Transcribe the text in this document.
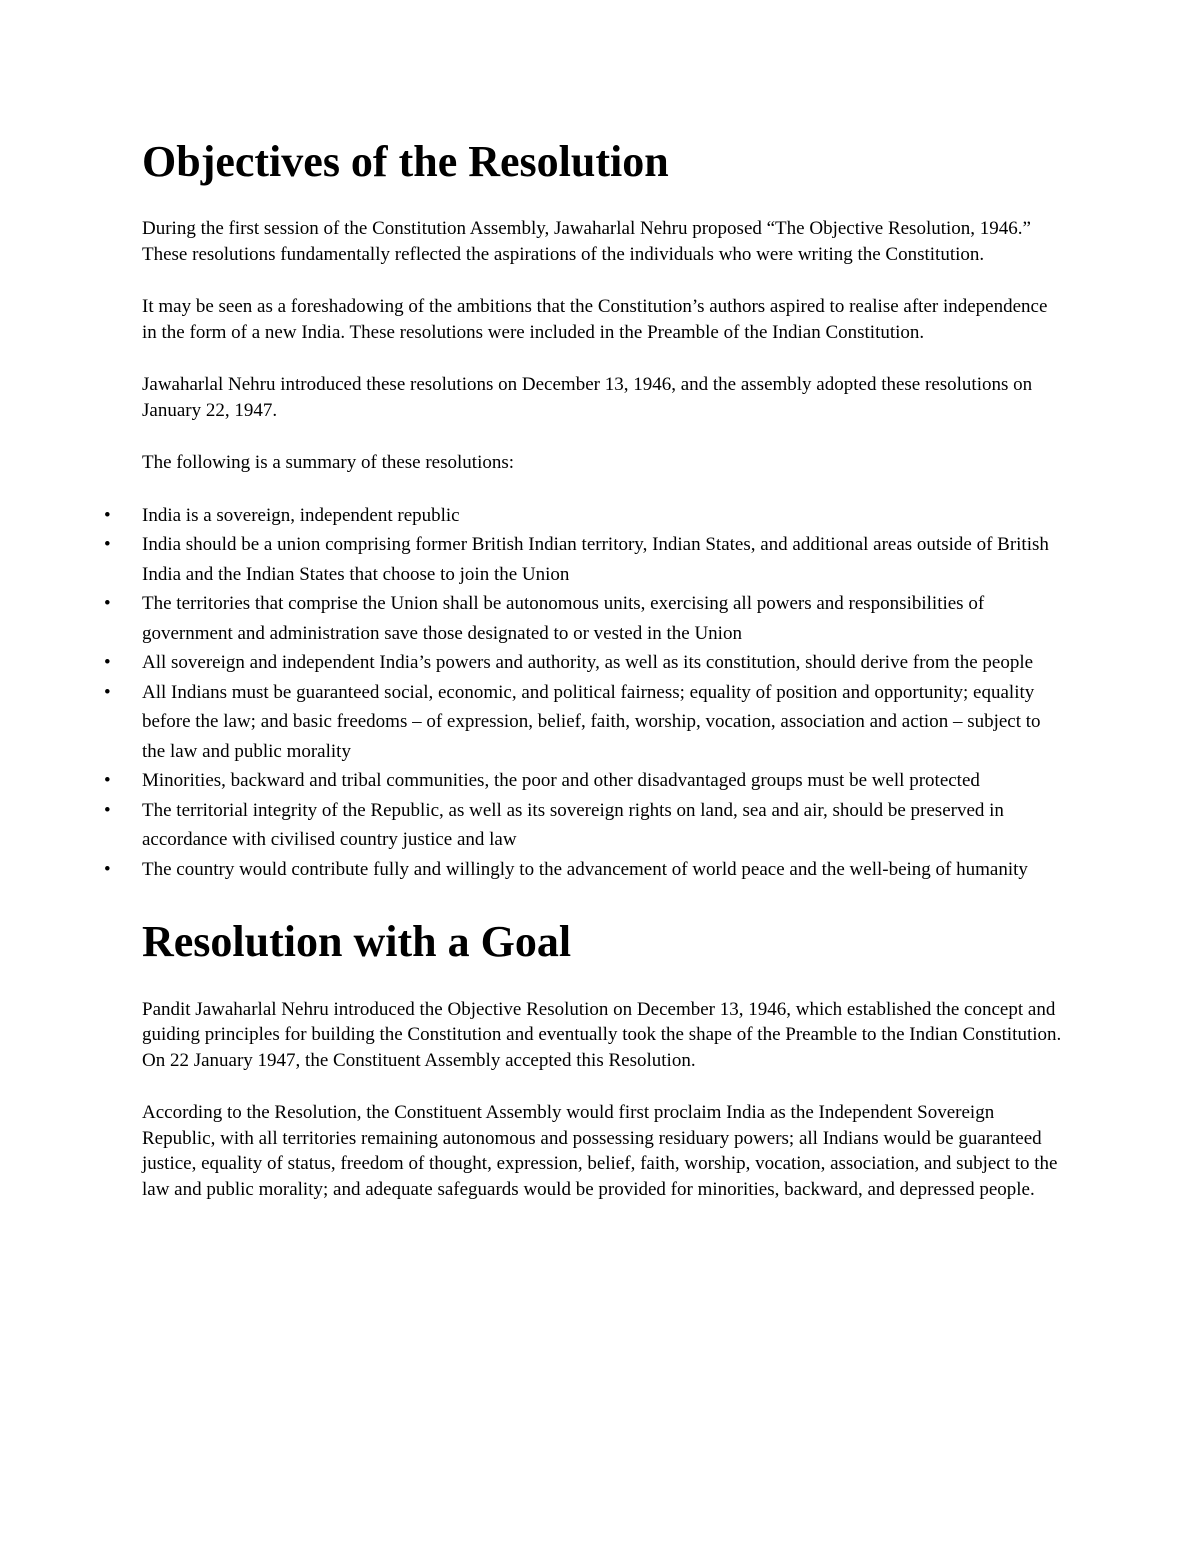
Objectives of the Resolution

During the first session of the Constitution Assembly, Jawaharlal Nehru proposed “The Objective Resolution, 1946.” These resolutions fundamentally reflected the aspirations of the individuals who were writing the Constitution.

It may be seen as a foreshadowing of the ambitions that the Constitution’s authors aspired to realise after independence in the form of a new India. These resolutions were included in the Preamble of the Indian Constitution.

Jawaharlal Nehru introduced these resolutions on December 13, 1946, and the assembly adopted these resolutions on January 22, 1947.

The following is a summary of these resolutions:

• India is a sovereign, independent republic
• India should be a union comprising former British Indian territory, Indian States, and additional areas outside of British India and the Indian States that choose to join the Union
• The territories that comprise the Union shall be autonomous units, exercising all powers and responsibilities of government and administration save those designated to or vested in the Union
• All sovereign and independent India’s powers and authority, as well as its constitution, should derive from the people
• All Indians must be guaranteed social, economic, and political fairness; equality of position and opportunity; equality before the law; and basic freedoms – of expression, belief, faith, worship, vocation, association and action – subject to the law and public morality
• Minorities, backward and tribal communities, the poor and other disadvantaged groups must be well protected
• The territorial integrity of the Republic, as well as its sovereign rights on land, sea and air, should be preserved in accordance with civilised country justice and law
• The country would contribute fully and willingly to the advancement of world peace and the well-being of humanity
Resolution with a Goal

Pandit Jawaharlal Nehru introduced the Objective Resolution on December 13, 1946, which established the concept and guiding principles for building the Constitution and eventually took the shape of the Preamble to the Indian Constitution. On 22 January 1947, the Constituent Assembly accepted this Resolution.

According to the Resolution, the Constituent Assembly would first proclaim India as the Independent Sovereign Republic, with all territories remaining autonomous and possessing residuary powers; all Indians would be guaranteed justice, equality of status, freedom of thought, expression, belief, faith, worship, vocation, association, and subject to the law and public morality; and adequate safeguards would be provided for minorities, backward, and depressed people.
